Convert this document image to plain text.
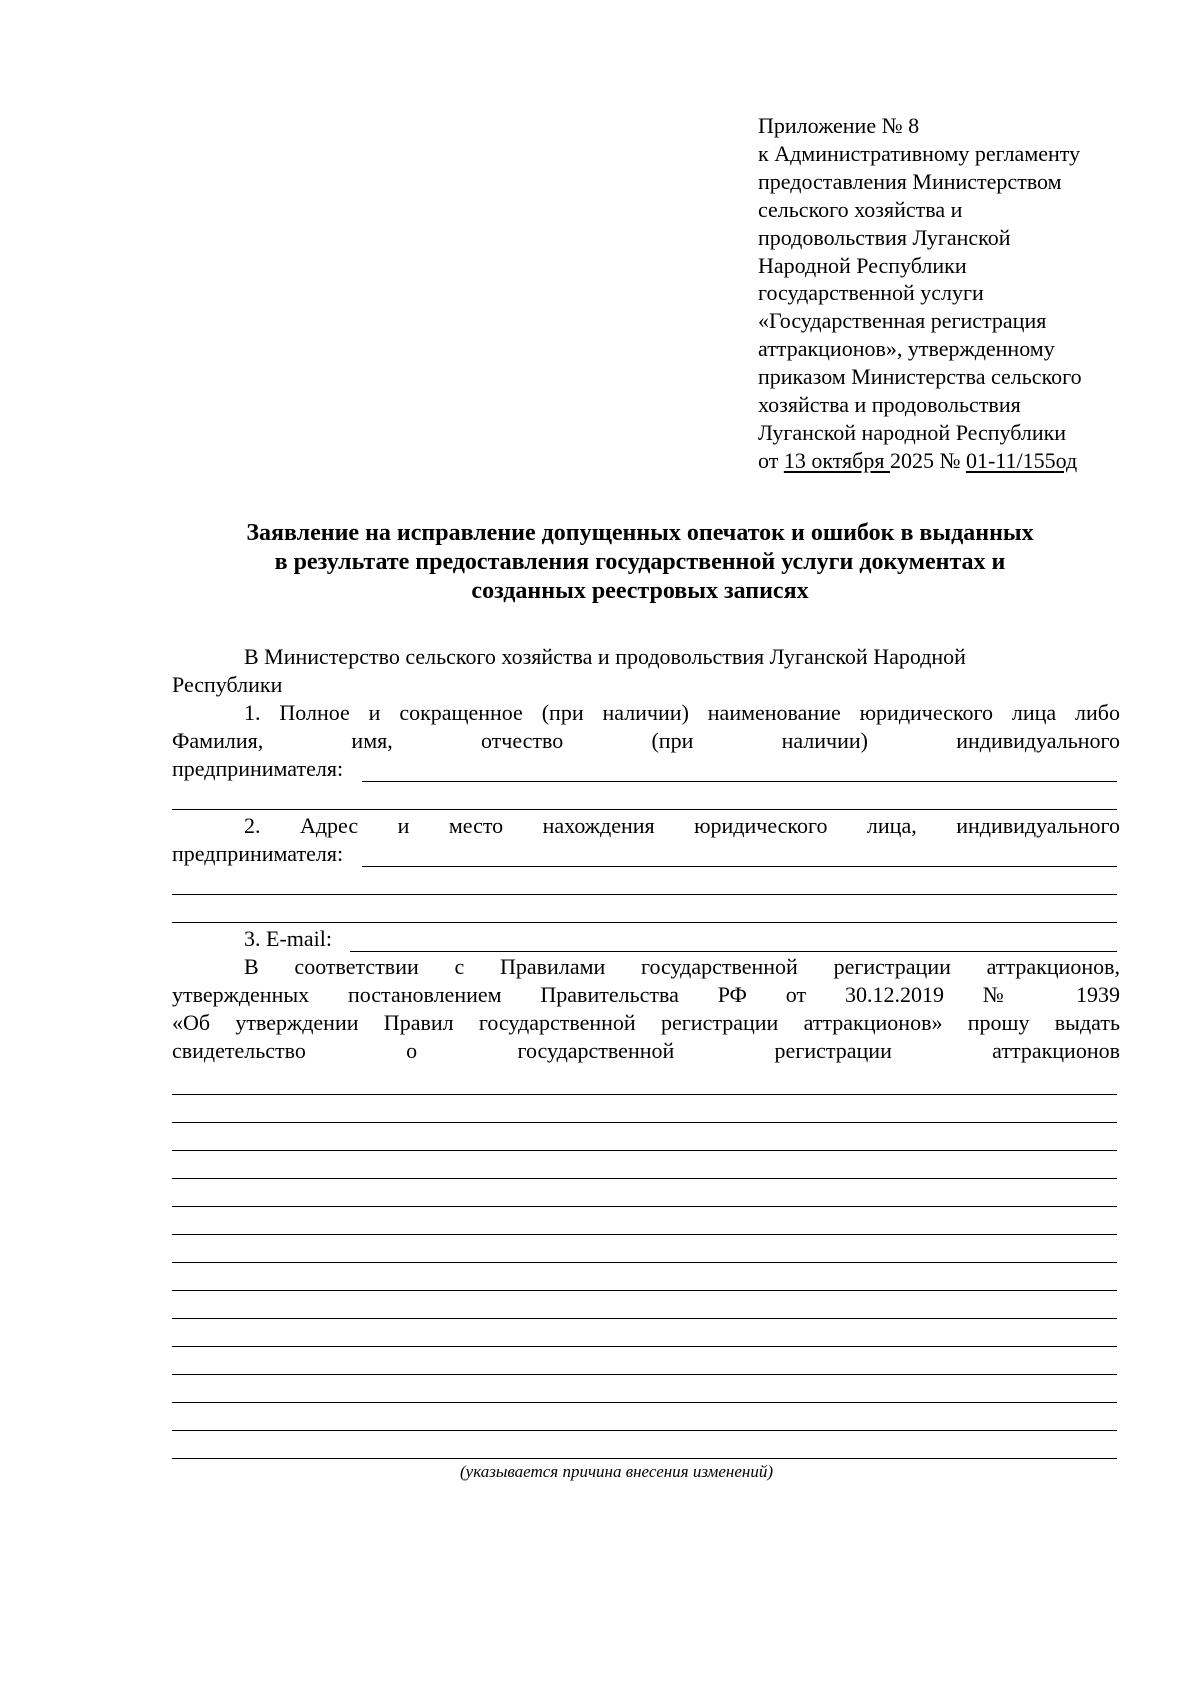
Приложение № 8
к Административному регламенту
предоставления Министерством
сельского хозяйства и
продовольствия Луганской
Народной Республики
государственной услуги
«Государственная регистрация
аттракционов», утвержденному
приказом Министерства сельского
хозяйства и продовольствия
Луганской народной Республики
от 13 октября 2025 № 01-11/155од
Заявление на исправление допущенных опечаток и ошибок в выданных
в результате предоставления государственной услуги документах и
созданных реестровых записях
В Министерство сельского хозяйства и продовольствия Луганской Народной
Республики
1. Полное и сокращенное (при наличии) наименование юридического лица либо
Фамилия, имя, отчество (при наличии) индивидуального
предпринимателя:
2. Адрес и место нахождения юридического лица, индивидуального
предпринимателя:
3. E-mail:
В соответствии с Правилами государственной регистрации аттракционов,
утвержденных постановлением Правительства РФ от 30.12.2019 № 1939
«Об утверждении Правил государственной регистрации аттракционов» прошу выдать
свидетельство о государственной регистрации аттракционов
(указывается причина внесения изменений)
